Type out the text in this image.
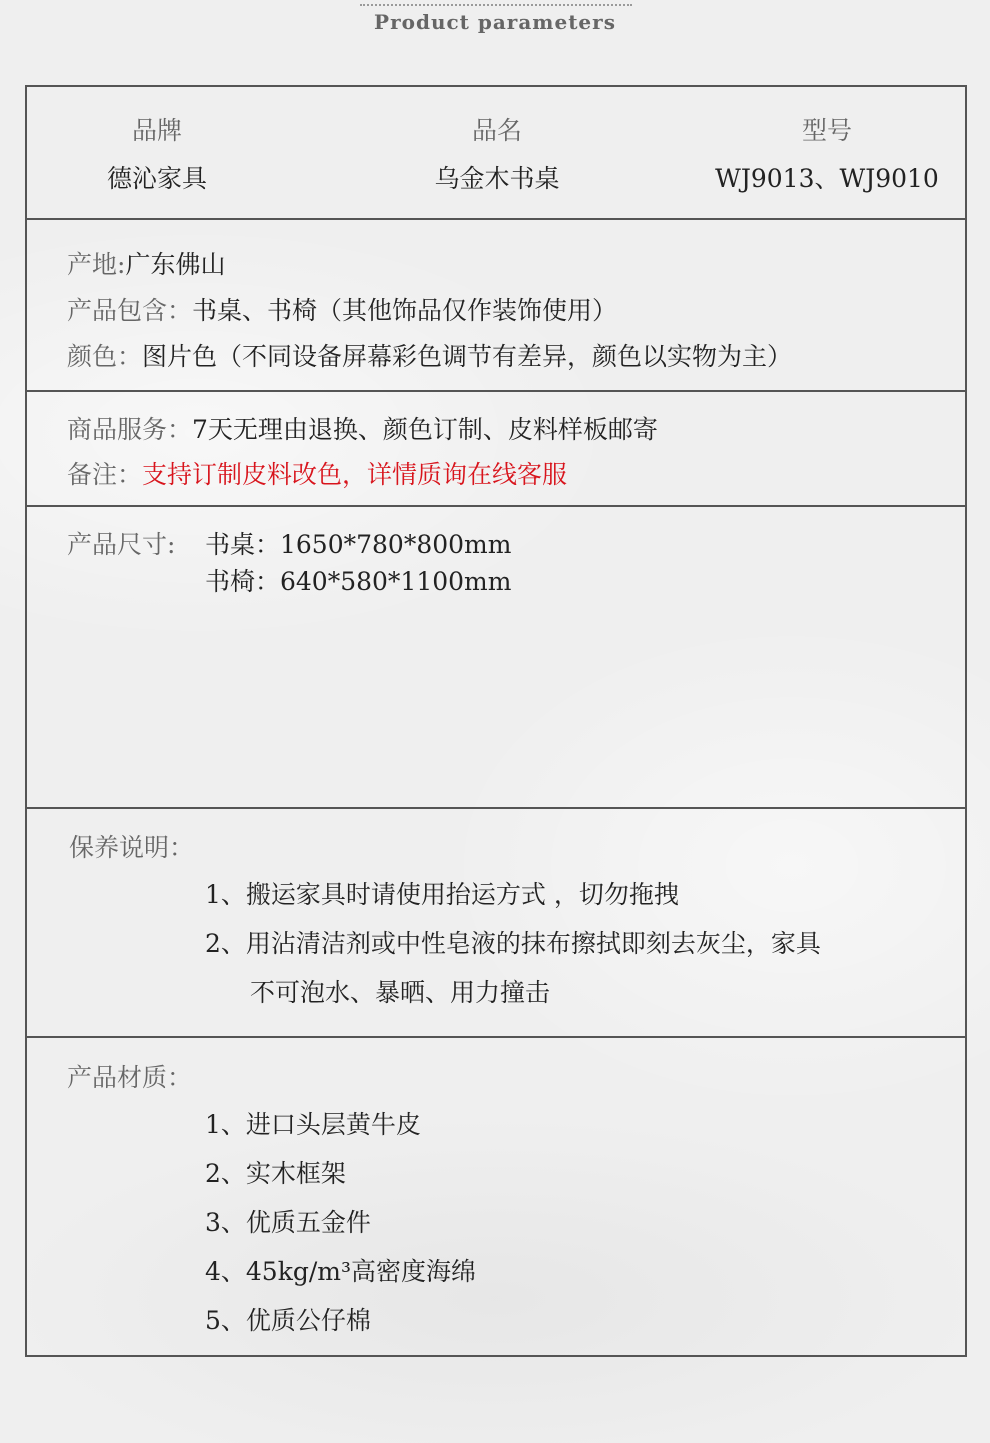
Product parameters
品牌
德沁家具
品名
乌金木书桌
型号
WJ9013、WJ9010
产地:广东佛山
产品包含：书桌、书椅（其他饰品仅作装饰使用）
颜色：图片色（不同设备屏幕彩色调节有差异，颜色以实物为主）
商品服务：7天无理由退换、颜色订制、皮料样板邮寄
备注：支持订制皮料改色，详情质询在线客服
产品尺寸: 书桌：1650*780*800mm
书椅：640*580*1100mm
保养说明：
1、搬运家具时请使用抬运方式 ，切勿拖拽
2、用沾清洁剂或中性皂液的抹布擦拭即刻去灰尘，家具
不可泡水、暴晒、用力撞击
产品材质：
1、进口头层黄牛皮
2、实木框架
3、优质五金件
4、45kg/m³高密度海绵
5、优质公仔棉
